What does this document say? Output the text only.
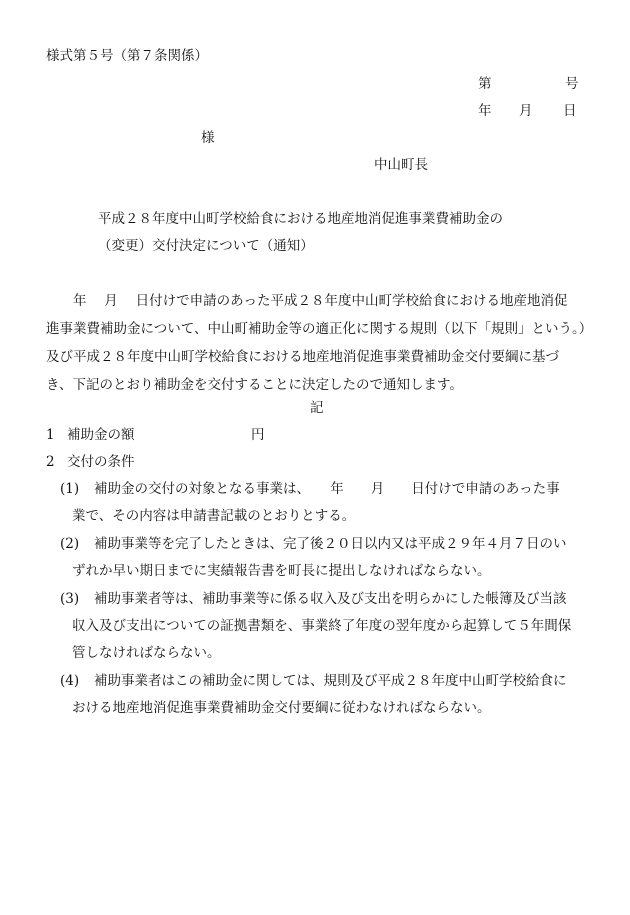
様式第５号（第７条関係）
第	号
年 月 日
様
中山町長
平成２８年度中山町学校給食における地産地消促進事業費補助金の
（変更）交付決定について（通知）
　　年　 月　 日付けで申請のあった平成２８年度中山町学校給食における地産地消促
進事業費補助金について、中山町補助金等の適正化に関する規則（以下「規則」という。）
及び平成２８年度中山町学校給食における地産地消促進事業費補助金交付要綱に基づ
き、下記のとおり補助金を交付することに決定したので通知します。
記
1 補助金の額	円
2 交付の条件
(1) 補助金の交付の対象となる事業は、　　年　　月　　日付けで申請のあった事
業で、その内容は申請書記載のとおりとする。
(2) 補助事業等を完了したときは、完了後２０日以内又は平成２９年４月７日のい
ずれか早い期日までに実績報告書を町長に提出しなければならない。
(3) 補助事業者等は、補助事業等に係る収入及び支出を明らかにした帳簿及び当該
収入及び支出についての証拠書類を、事業終了年度の翌年度から起算して５年間保
管しなければならない。
(4) 補助事業者はこの補助金に関しては、規則及び平成２８年度中山町学校給食に
おける地産地消促進事業費補助金交付要綱に従わなければならない。
